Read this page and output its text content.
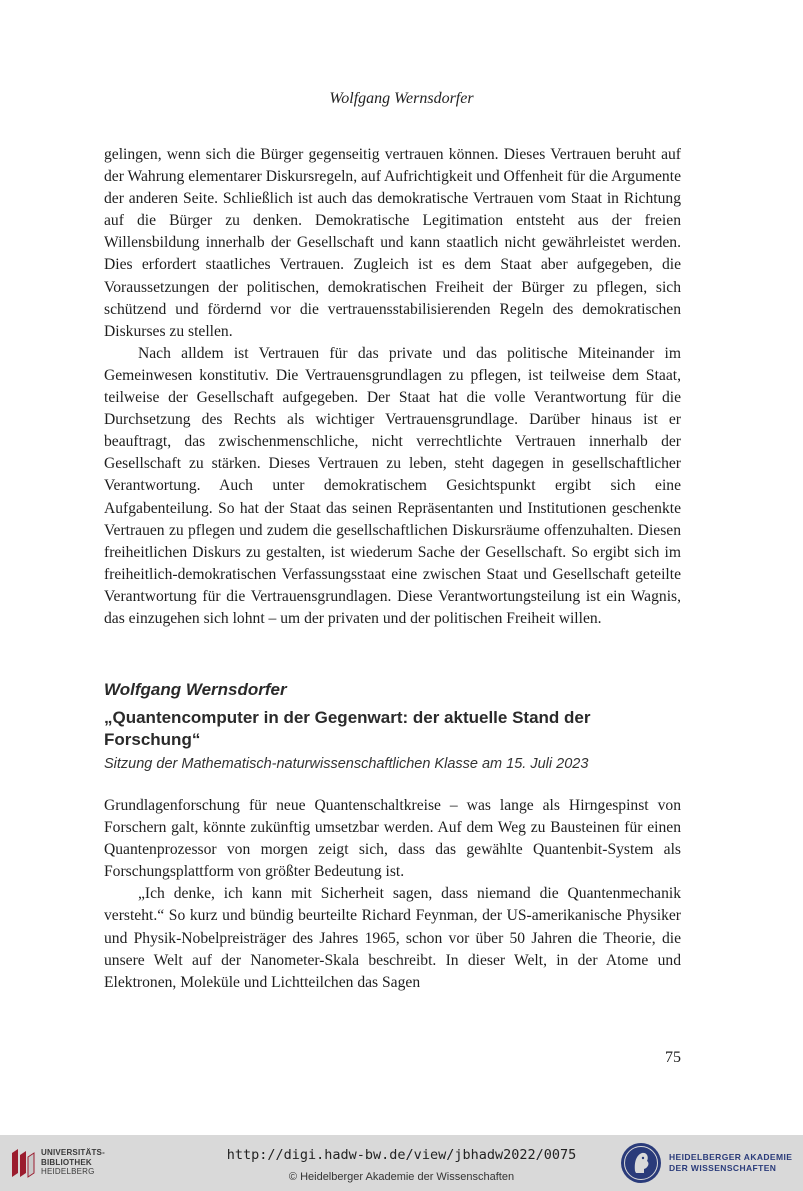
Wolfgang Wernsdorfer

gelingen, wenn sich die Bürger gegenseitig vertrauen können. Dieses Vertrauen beruht auf der Wahrung elementarer Diskursregeln, auf Aufrichtigkeit und Offenheit für die Argumente der anderen Seite. Schließlich ist auch das demokratische Vertrauen vom Staat in Richtung auf die Bürger zu denken. Demokratische Legitimation entsteht aus der freien Willensbildung innerhalb der Gesellschaft und kann staatlich nicht gewährleistet werden. Dies erfordert staatliches Vertrauen. Zugleich ist es dem Staat aber aufgegeben, die Voraussetzungen der politischen, demokratischen Freiheit der Bürger zu pflegen, sich schützend und fördernd vor die vertrauensstabilisierenden Regeln des demokratischen Diskurses zu stellen.

Nach alldem ist Vertrauen für das private und das politische Miteinander im Gemeinwesen konstitutiv. Die Vertrauensgrundlagen zu pflegen, ist teilweise dem Staat, teilweise der Gesellschaft aufgegeben. Der Staat hat die volle Verantwortung für die Durchsetzung des Rechts als wichtiger Vertrauensgrundlage. Darüber hinaus ist er beauftragt, das zwischenmenschliche, nicht verrechtlichte Vertrauen innerhalb der Gesellschaft zu stärken. Dieses Vertrauen zu leben, steht dagegen in gesellschaftlicher Verantwortung. Auch unter demokratischem Gesichtspunkt ergibt sich eine Aufgabenteilung. So hat der Staat das seinen Repräsentanten und Institutionen geschenkte Vertrauen zu pflegen und zudem die gesellschaftlichen Diskursräume offenzuhalten. Diesen freiheitlichen Diskurs zu gestalten, ist wiederum Sache der Gesellschaft. So ergibt sich im freiheitlich-demokratischen Verfassungsstaat eine zwischen Staat und Gesellschaft geteilte Verantwortung für die Vertrauensgrundlagen. Diese Verantwortungsteilung ist ein Wagnis, das einzugehen sich lohnt – um der privaten und der politischen Freiheit willen.

Wolfgang Wernsdorfer
„Quantencomputer in der Gegenwart: der aktuelle Stand der Forschung“
Sitzung der Mathematisch-naturwissenschaftlichen Klasse am 15. Juli 2023

Grundlagenforschung für neue Quantenschaltkreise – was lange als Hirngespinst von Forschern galt, könnte zukünftig umsetzbar werden. Auf dem Weg zu Bausteinen für einen Quantenprozessor von morgen zeigt sich, dass das gewählte Quantenbit-System als Forschungsplattform von größter Bedeutung ist.

„Ich denke, ich kann mit Sicherheit sagen, dass niemand die Quantenmechanik versteht.“ So kurz und bündig beurteilte Richard Feynman, der US-amerikanische Physiker und Physik-Nobelpreisträger des Jahres 1965, schon vor über 50 Jahren die Theorie, die unsere Welt auf der Nanometer-Skala beschreibt. In dieser Welt, in der Atome und Elektronen, Moleküle und Lichtteilchen das Sagen

75
UNIVERSITÄTS-
BIBLIOTHEK
HEIDELBERG
http://digi.hadw-bw.de/view/jbhadw2022/0075
© Heidelberger Akademie der Wissenschaften
HEIDELBERGER AKADEMIE
DER WISSENSCHAFTEN
